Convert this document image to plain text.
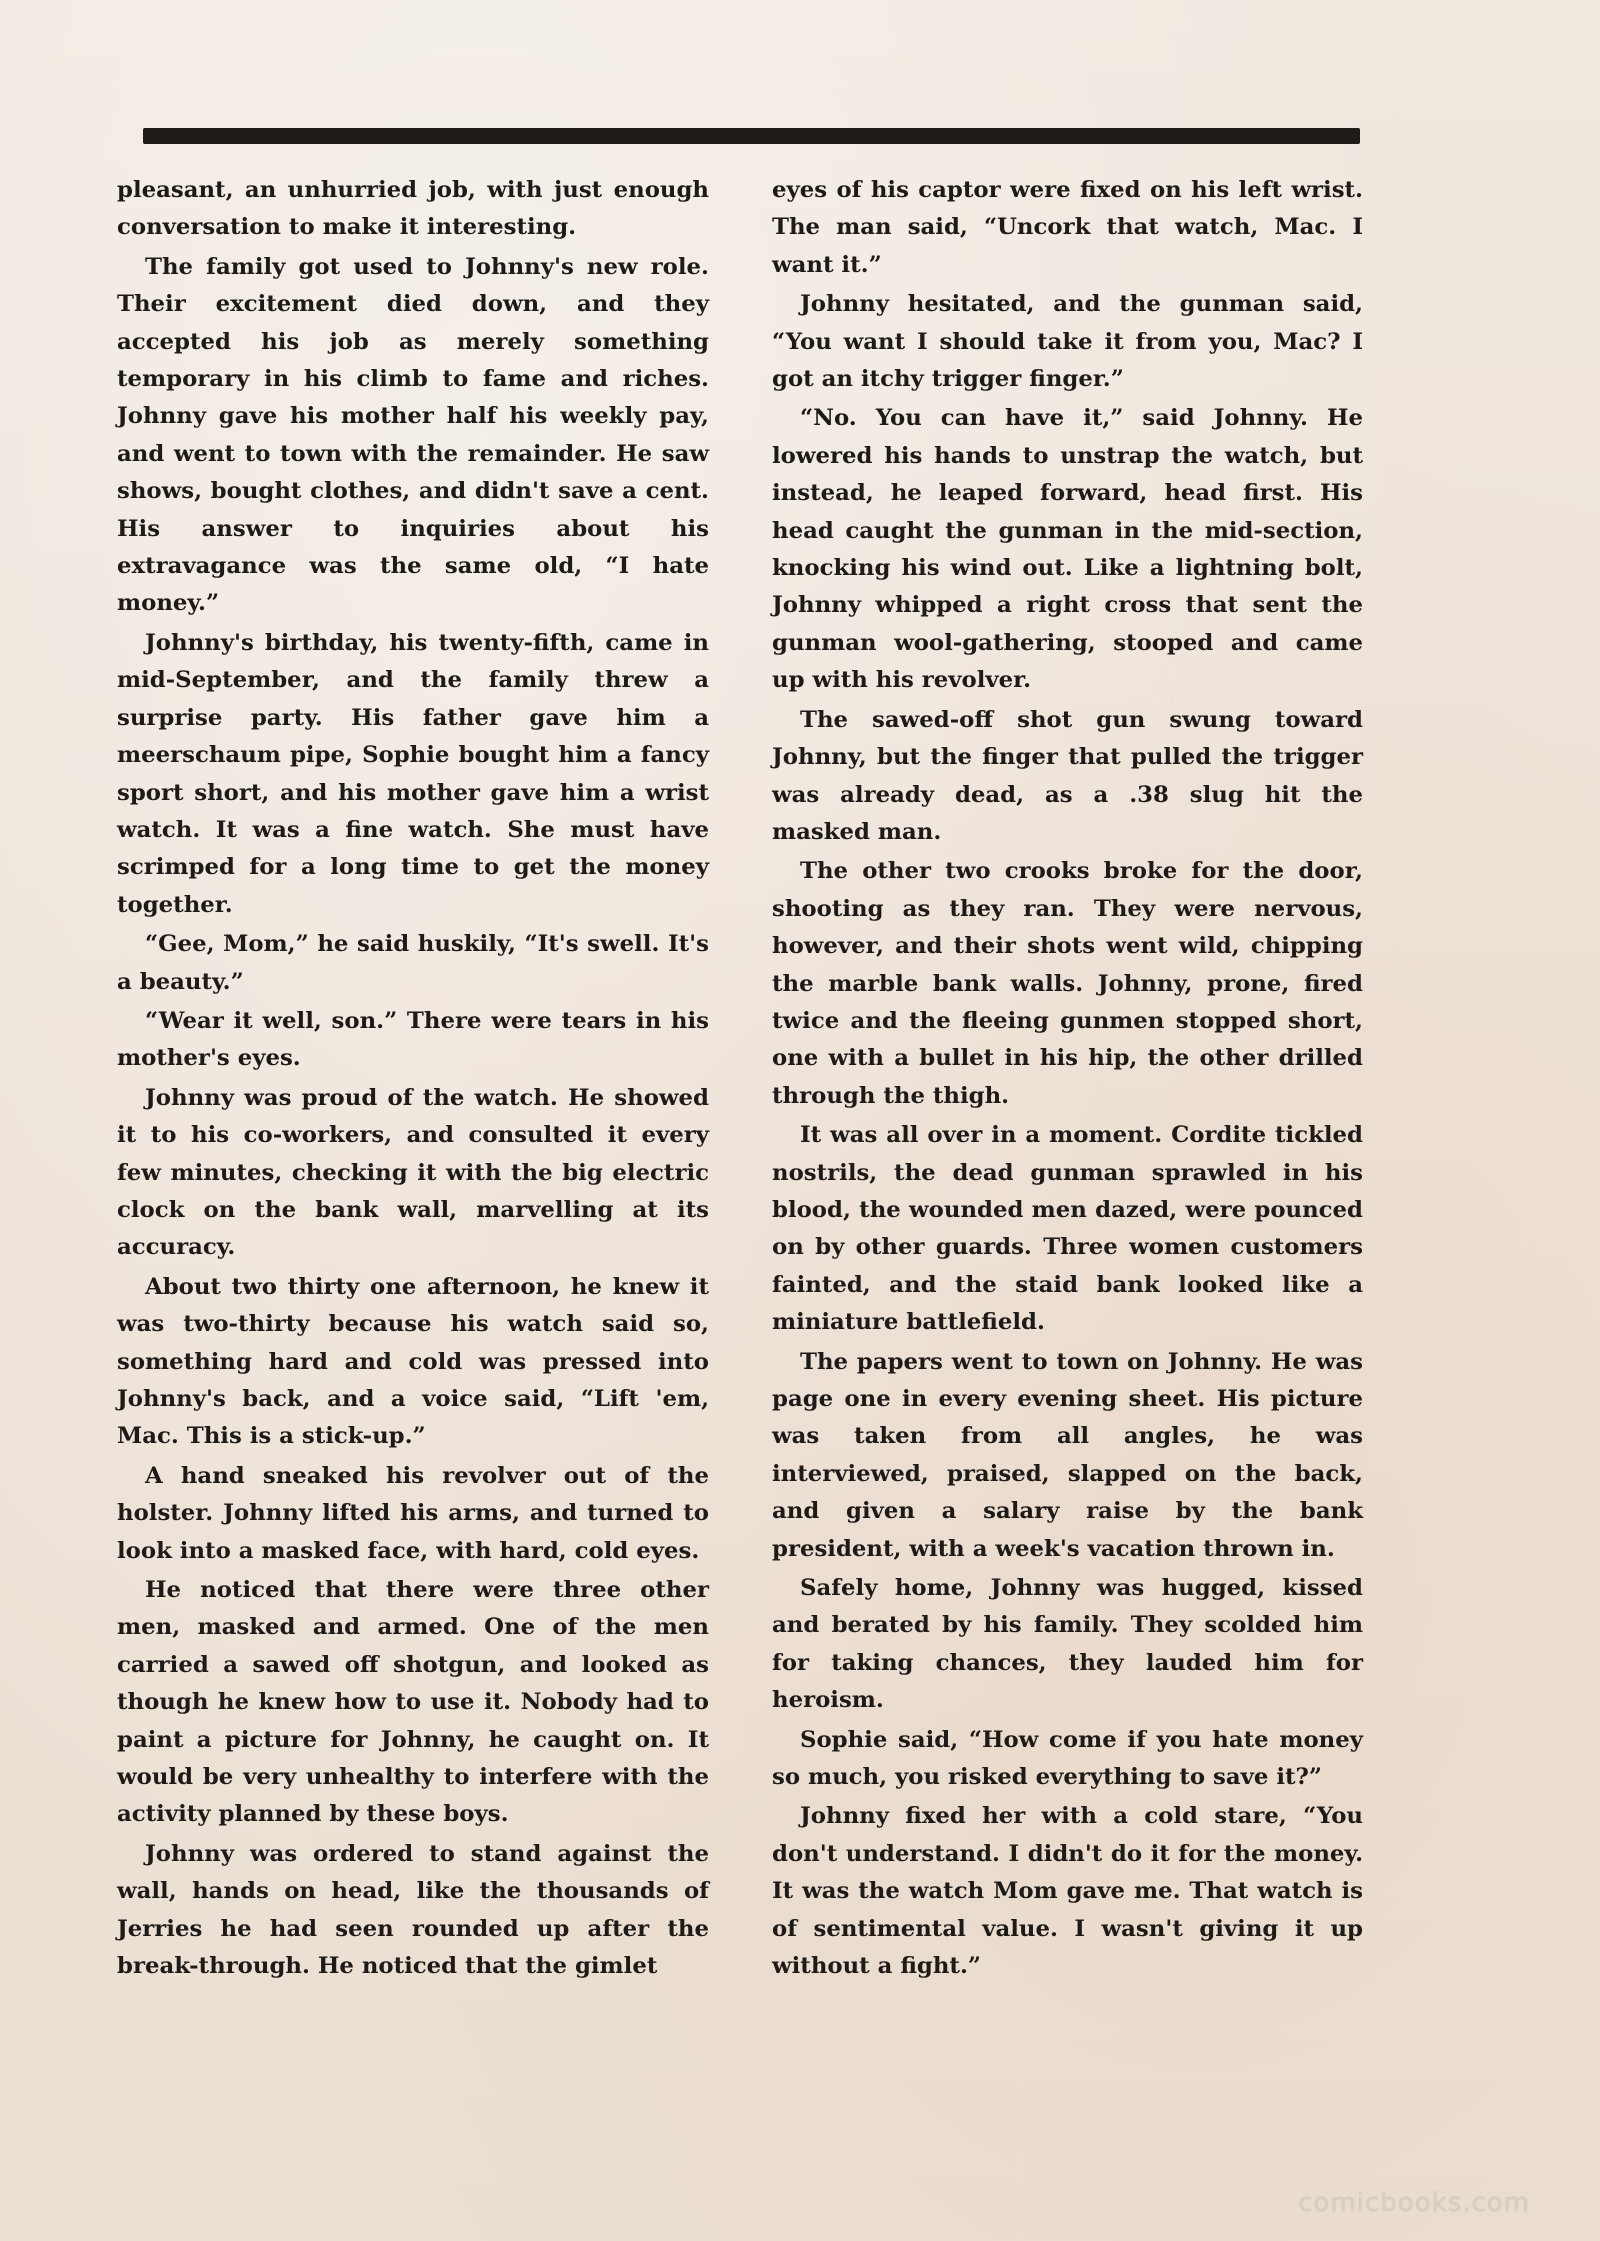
pleasant, an unhurried job, with just enough conversation to make it interesting.

The family got used to Johnny's new role. Their excitement died down, and they accepted his job as merely something temporary in his climb to fame and riches. Johnny gave his mother half his weekly pay, and went to town with the remainder. He saw shows, bought clothes, and didn't save a cent. His answer to inquiries about his extravagance was the same old, “I hate money.”

Johnny's birthday, his twenty-fifth, came in mid-September, and the family threw a surprise party. His father gave him a meerschaum pipe, Sophie bought him a fancy sport short, and his mother gave him a wrist watch. It was a fine watch. She must have scrimped for a long time to get the money together.

“Gee, Mom,” he said huskily, “It's swell. It's a beauty.”

“Wear it well, son.” There were tears in his mother's eyes.

Johnny was proud of the watch. He showed it to his co-workers, and consulted it every few minutes, checking it with the big electric clock on the bank wall, marvelling at its accuracy.

About two thirty one afternoon, he knew it was two-thirty because his watch said so, something hard and cold was pressed into Johnny's back, and a voice said, “Lift 'em, Mac. This is a stick-up.”

A hand sneaked his revolver out of the holster. Johnny lifted his arms, and turned to look into a masked face, with hard, cold eyes.

He noticed that there were three other men, masked and armed. One of the men carried a sawed off shotgun, and looked as though he knew how to use it. Nobody had to paint a picture for Johnny, he caught on. It would be very unhealthy to interfere with the activity planned by these boys.

Johnny was ordered to stand against the wall, hands on head, like the thousands of Jerries he had seen rounded up after the break-through. He noticed that the gimlet

eyes of his captor were fixed on his left wrist. The man said, “Uncork that watch, Mac. I want it.”

Johnny hesitated, and the gunman said, “You want I should take it from you, Mac? I got an itchy trigger finger.”

“No. You can have it,” said Johnny. He lowered his hands to unstrap the watch, but instead, he leaped forward, head first. His head caught the gunman in the mid-section, knocking his wind out. Like a lightning bolt, Johnny whipped a right cross that sent the gunman wool-gathering, stooped and came up with his revolver.

The sawed-off shot gun swung toward Johnny, but the finger that pulled the trigger was already dead, as a .38 slug hit the masked man.

The other two crooks broke for the door, shooting as they ran. They were nervous, however, and their shots went wild, chipping the marble bank walls. Johnny, prone, fired twice and the fleeing gunmen stopped short, one with a bullet in his hip, the other drilled through the thigh.

It was all over in a moment. Cordite tickled nostrils, the dead gunman sprawled in his blood, the wounded men dazed, were pounced on by other guards. Three women customers fainted, and the staid bank looked like a miniature battlefield.

The papers went to town on Johnny. He was page one in every evening sheet. His picture was taken from all angles, he was interviewed, praised, slapped on the back, and given a salary raise by the bank president, with a week's vacation thrown in.

Safely home, Johnny was hugged, kissed and berated by his family. They scolded him for taking chances, they lauded him for heroism.

Sophie said, “How come if you hate money so much, you risked everything to save it?”

Johnny fixed her with a cold stare, “You don't understand. I didn't do it for the money. It was the watch Mom gave me. That watch is of sentimental value. I wasn't giving it up without a fight.”

comicbooks.com
